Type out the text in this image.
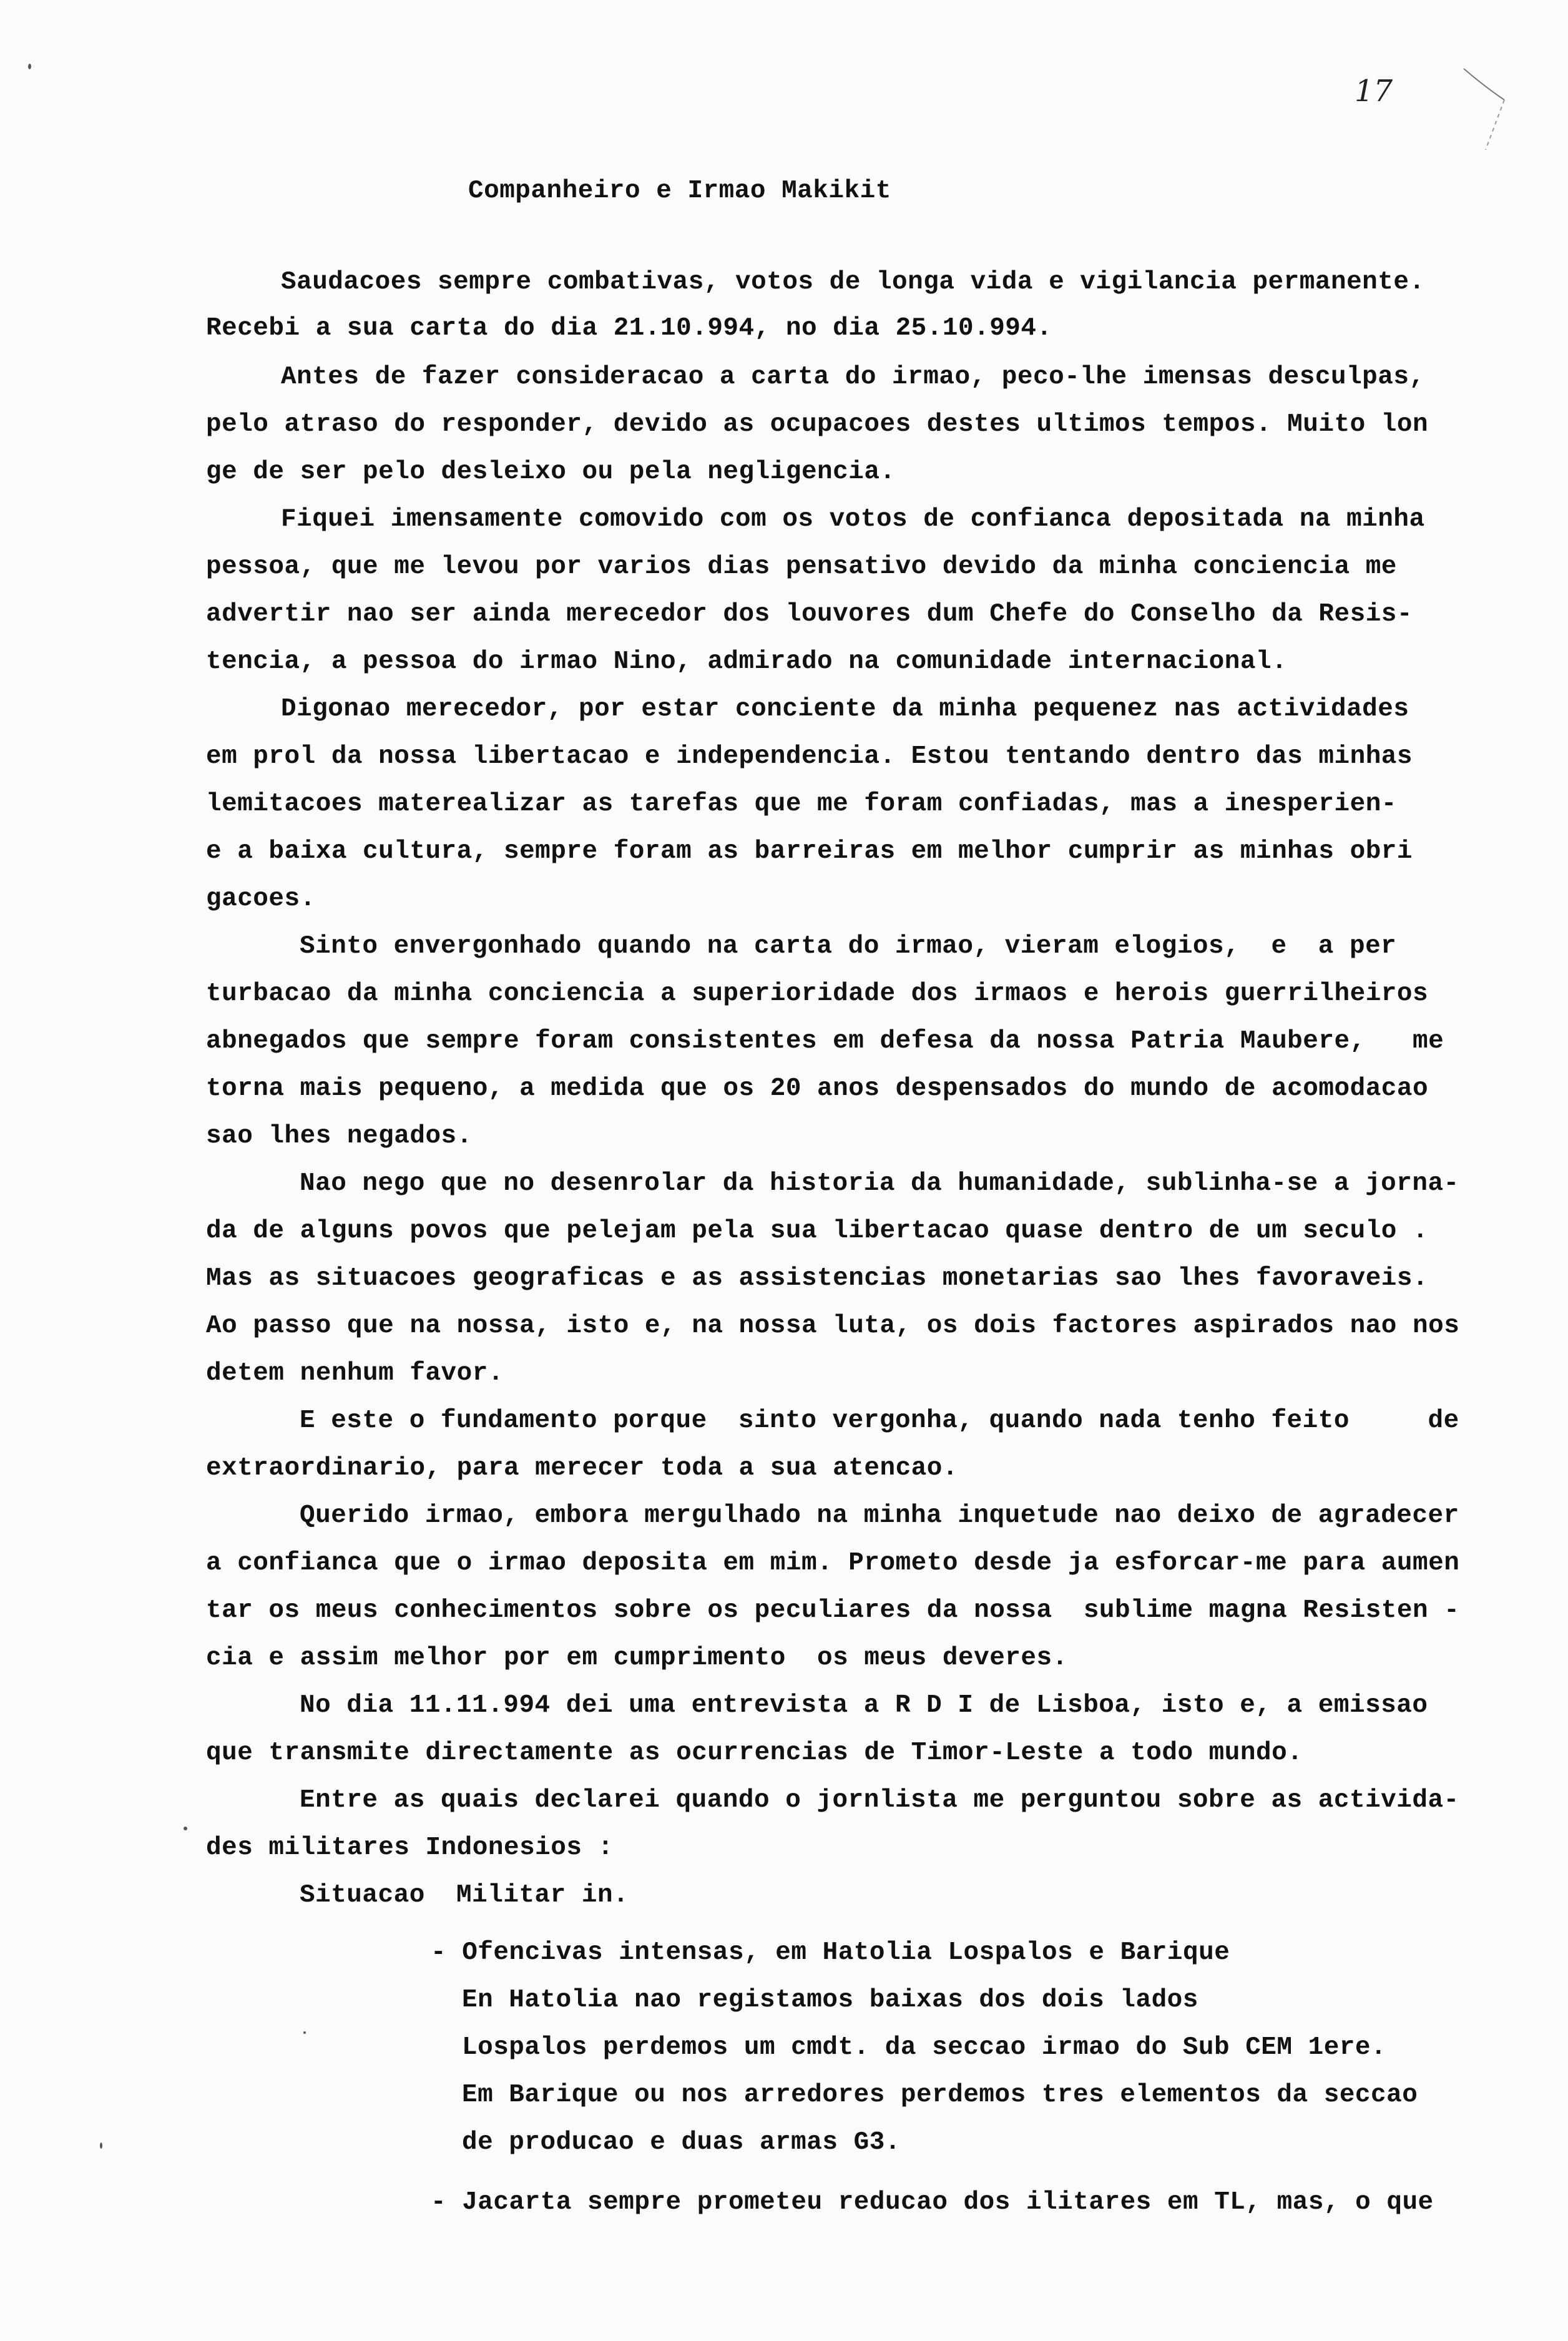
17
Companheiro e Irmao Makikit
Saudacoes sempre combativas, votos de longa vida e vigilancia permanente.
Recebi a sua carta do dia 21.10.994, no dia 25.10.994.
Antes de fazer consideracao a carta do irmao, peco-lhe imensas desculpas,
pelo atraso do responder, devido as ocupacoes destes ultimos tempos. Muito lon
ge de ser pelo desleixo ou pela negligencia.
Fiquei imensamente comovido com os votos de confianca depositada na minha
pessoa, que me levou por varios dias pensativo devido da minha conciencia me
advertir nao ser ainda merecedor dos louvores dum Chefe do Conselho da Resis-
tencia, a pessoa do irmao Nino, admirado na comunidade internacional.
Digonao merecedor, por estar conciente da minha pequenez nas actividades
em prol da nossa libertacao e independencia. Estou tentando dentro das minhas
lemitacoes materealizar as tarefas que me foram confiadas, mas a inesperien-
e a baixa cultura, sempre foram as barreiras em melhor cumprir as minhas obri
gacoes.
Sinto envergonhado quando na carta do irmao, vieram elogios,  e  a per
turbacao da minha conciencia a superioridade dos irmaos e herois guerrilheiros
abnegados que sempre foram consistentes em defesa da nossa Patria Maubere,   me
torna mais pequeno, a medida que os 20 anos despensados do mundo de acomodacao
sao lhes negados.
Nao nego que no desenrolar da historia da humanidade, sublinha-se a jorna-
da de alguns povos que pelejam pela sua libertacao quase dentro de um seculo .
Mas as situacoes geograficas e as assistencias monetarias sao lhes favoraveis.
Ao passo que na nossa, isto e, na nossa luta, os dois factores aspirados nao nos
detem nenhum favor.
E este o fundamento porque  sinto vergonha, quando nada tenho feito     de
extraordinario, para merecer toda a sua atencao.
Querido irmao, embora mergulhado na minha inquetude nao deixo de agradecer
a confianca que o irmao deposita em mim. Prometo desde ja esforcar-me para aumen
tar os meus conhecimentos sobre os peculiares da nossa  sublime magna Resisten -
cia e assim melhor por em cumprimento  os meus deveres.
No dia 11.11.994 dei uma entrevista a R D I de Lisboa, isto e, a emissao
que transmite directamente as ocurrencias de Timor-Leste a todo mundo.
Entre as quais declarei quando o jornlista me perguntou sobre as activida-
des militares Indonesios :
Situacao  Militar in.
- Ofencivas intensas, em Hatolia Lospalos e Barique
En Hatolia nao registamos baixas dos dois lados
Lospalos perdemos um cmdt. da seccao irmao do Sub CEM 1ere.
Em Barique ou nos arredores perdemos tres elementos da seccao
de producao e duas armas G3.
- Jacarta sempre prometeu reducao dos ilitares em TL, mas, o que
